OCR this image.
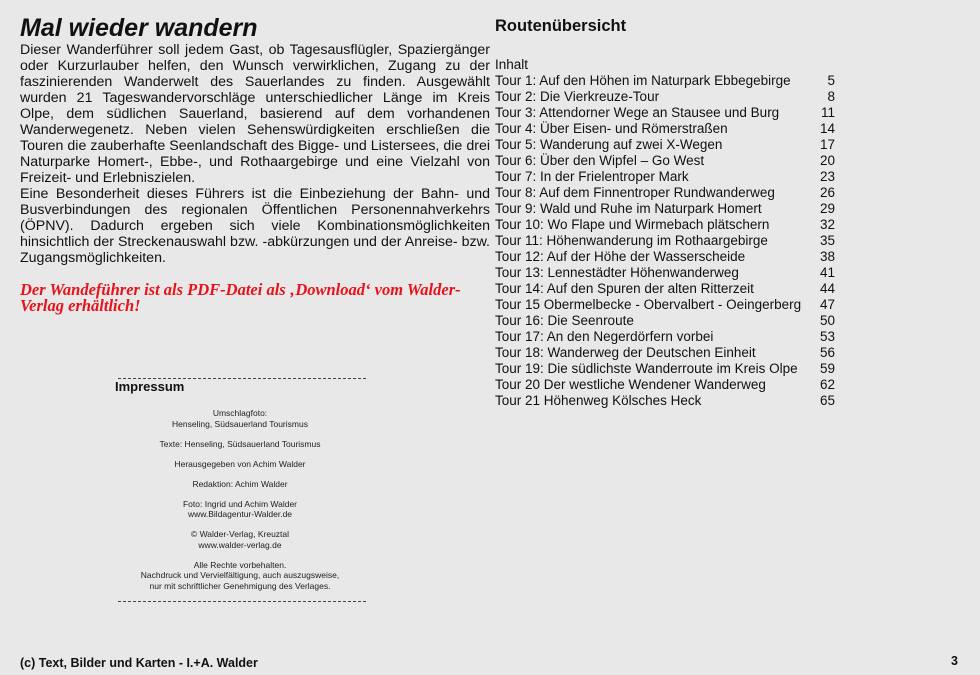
Mal wieder wandern

Dieser Wanderführer soll jedem Gast, ob Tagesausflügler, Spaziergänger oder Kurzurlauber helfen, den Wunsch verwirklichen, Zugang zu der faszinierenden Wanderwelt des Sauerlandes zu finden. Ausgewählt wurden 21 Tageswandervorschläge unterschiedlicher Länge im Kreis Olpe, dem südlichen Sauerland, basierend auf dem vorhandenen Wanderwegenetz. Neben vielen Sehenswürdigkeiten erschließen die Touren die zauberhafte Seenlandschaft des Bigge- und Listersees, die drei Naturparke Homert-, Ebbe-, und Rothaargebirge und eine Vielzahl von Freizeit- und Erlebniszielen.

Eine Besonderheit dieses Führers ist die Einbeziehung der Bahn- und Busverbindungen des regionalen Öffentlichen Personennahverkehrs (ÖPNV). Dadurch ergeben sich viele Kombinationsmöglichkeiten hinsichtlich der Streckenauswahl bzw. -abkürzungen und der Anreise- bzw. Zugangsmöglichkeiten.

Der Wandeführer ist als PDF-Datei als ‚Download‘ vom Walder-Verlag erhältlich!
Impressum
Umschlagfoto:
Henseling, Südsauerland Tourismus
Texte: Henseling, Südsauerland Tourismus
Herausgegeben von Achim Walder
Redaktion: Achim Walder
Foto: Ingrid und Achim Walder
www.Bildagentur-Walder.de
© Walder-Verlag, Kreuztal
www.walder-verlag.de
Alle Rechte vorbehalten.
Nachdruck und Vervielfältigung, auch auszugsweise,
nur mit schriftlicher Genehmigung des Verlages.
Routenübersicht
Inhalt
Tour 1: Auf den Höhen im Naturpark Ebbegebirge	5
Tour 2: Die Vierkreuze-Tour	8
Tour 3: Attendorner Wege an Stausee und Burg	11
Tour 4: Über Eisen- und Römerstraßen	14
Tour 5: Wanderung auf zwei X-Wegen	17
Tour 6: Über den Wipfel – Go West	20
Tour 7: In der Frielentroper Mark	23
Tour 8: Auf dem Finnentroper Rundwanderweg	26
Tour 9: Wald und Ruhe im Naturpark Homert	29
Tour 10: Wo Flape und Wirmebach plätschern	32
Tour 11: Höhenwanderung im Rothaargebirge	35
Tour 12: Auf der Höhe der Wasserscheide	38
Tour 13: Lennestädter Höhenwanderweg	41
Tour 14: Auf den Spuren der alten Ritterzeit	44
Tour 15 Obermelbecke - Obervalbert - Oeingerberg	47
Tour 16: Die Seenroute	50
Tour 17: An den Negerdörfern vorbei	53
Tour 18: Wanderweg der Deutschen Einheit	56
Tour 19: Die südlichste Wanderroute im Kreis Olpe	59
Tour 20 Der westliche Wendener Wanderweg	62
Tour 21 Höhenweg Kölsches Heck	65
(c) Text, Bilder und Karten - I.+A. Walder	3
